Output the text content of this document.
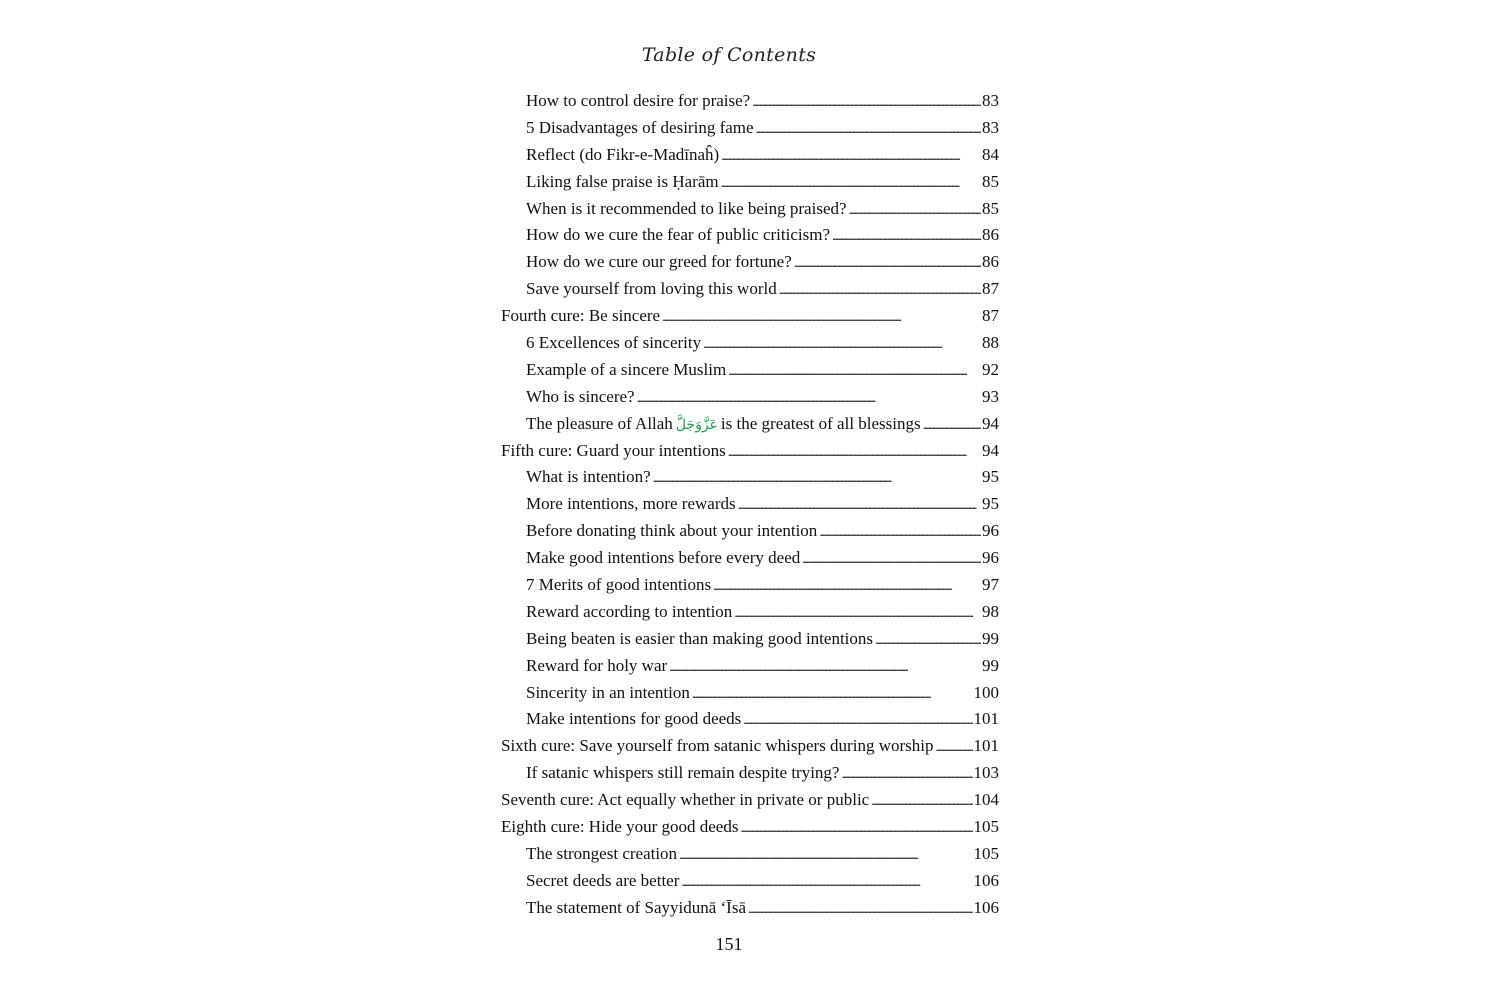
Table of Contents
How to control desire for praise? . . .	83
5 Disadvantages of desiring fame . . .	83
Reflect (do Fikr-e-Madīnaĥ) . . .	84
Liking false praise is Ḥarām . . .	85
When is it recommended to like being praised? . . .	85
How do we cure the fear of public criticism? . . .	86
How do we cure our greed for fortune? . . .	86
Save yourself from loving this world . . .	87
Fourth cure: Be sincere . . .	87
6 Excellences of sincerity . . .	88
Example of a sincere Muslim . . .	92
Who is sincere? . . .	93
The pleasure of Allah عَزَّوَجَلَّ is the greatest of all blessings . . .	94
Fifth cure: Guard your intentions . . .	94
What is intention? . . .	95
More intentions, more rewards . . .	95
Before donating think about your intention . . .	96
Make good intentions before every deed . . .	96
7 Merits of good intentions . . .	97
Reward according to intention . . .	98
Being beaten is easier than making good intentions . . .	99
Reward for holy war . . .	99
Sincerity in an intention . . .	100
Make intentions for good deeds . . .	101
Sixth cure: Save yourself from satanic whispers during worship . . . 101
If satanic whispers still remain despite trying? . . .	103
Seventh cure: Act equally whether in private or public . . .	104
Eighth cure: Hide your good deeds . . .	105
The strongest creation . . .	105
Secret deeds are better . . .	106
The statement of Sayyidunā ‘Īsā . . .	106
151
